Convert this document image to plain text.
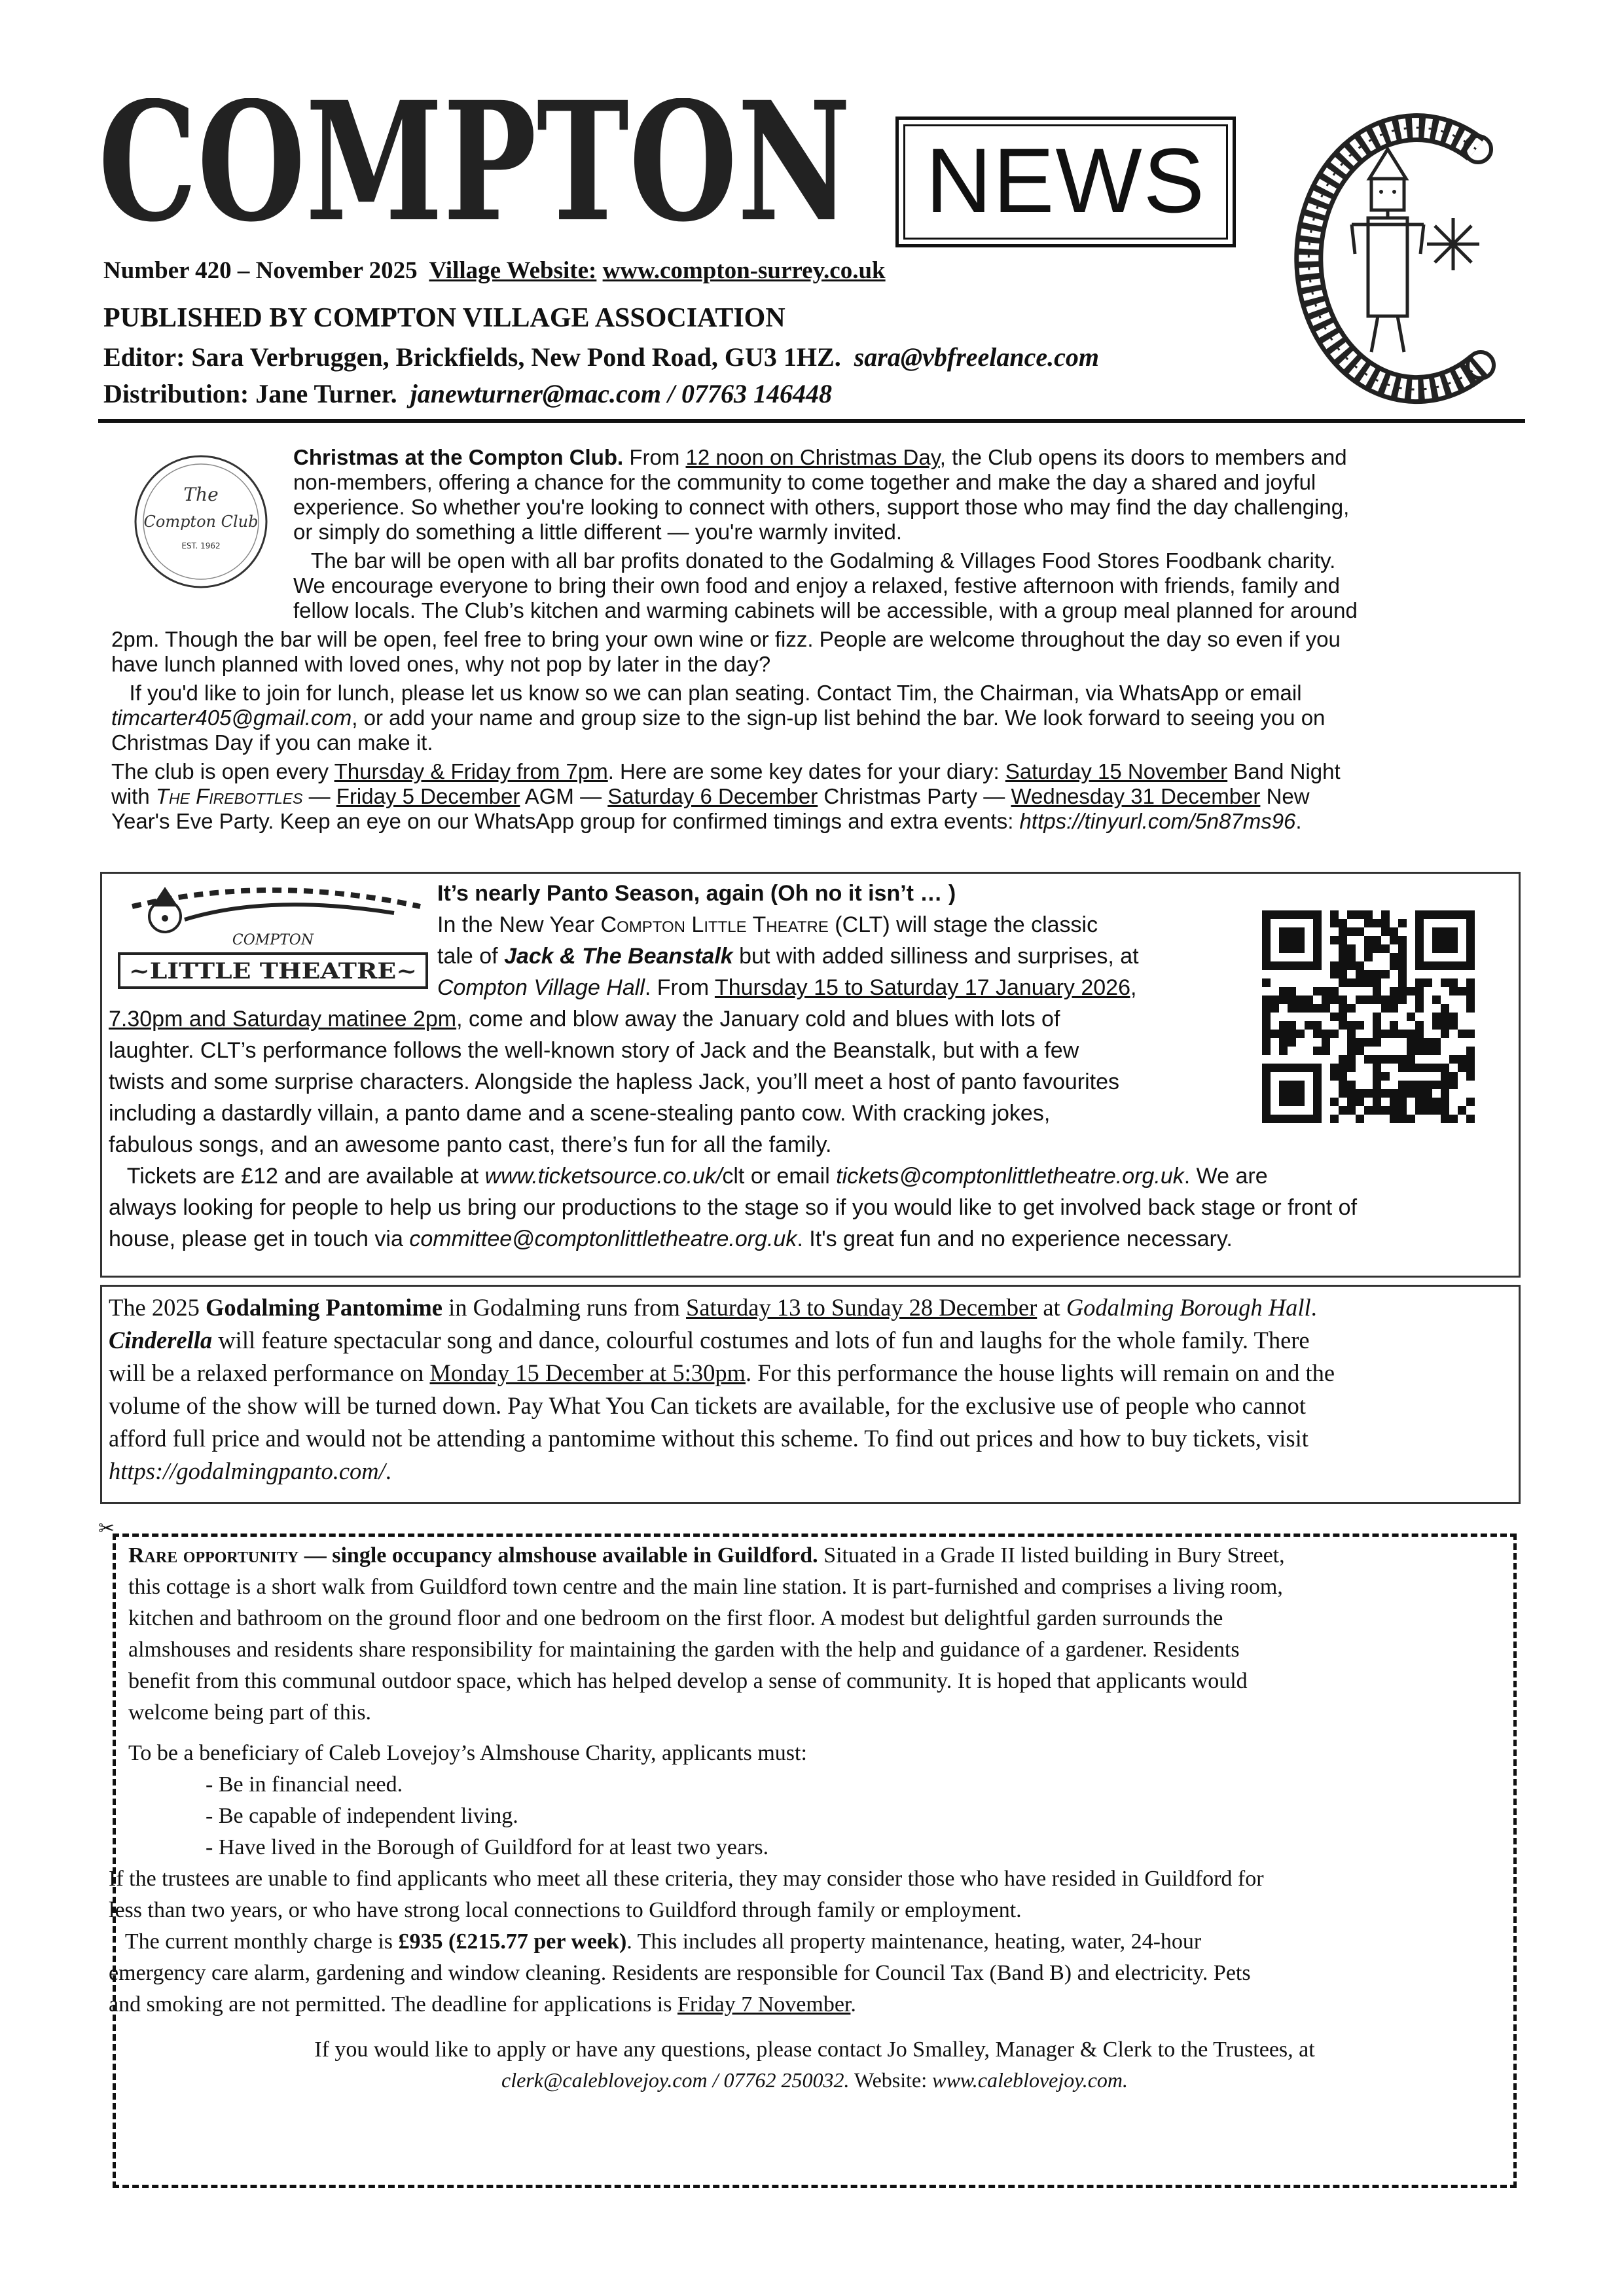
COMPTON NEWS
Number 420 – November 2025 Village Website: www.compton-surrey.co.uk
PUBLISHED BY COMPTON VILLAGE ASSOCIATION
Editor: Sara Verbruggen, Brickfields, New Pond Road, GU3 1HZ. sara@vbfreelance.com
Distribution: Jane Turner. janewturner@mac.com / 07763 146448
The
Compton Club
EST. 1962
Christmas at the Compton Club. From 12 noon on Christmas Day, the Club opens its doors to members and
non-members, offering a chance for the community to come together and make the day a shared and joyful
experience. So whether you're looking to connect with others, support those who may find the day challenging,
or simply do something a little different — you're warmly invited.
The bar will be open with all bar profits donated to the Godalming & Villages Food Stores Foodbank charity.
We encourage everyone to bring their own food and enjoy a relaxed, festive afternoon with friends, family and
fellow locals. The Club’s kitchen and warming cabinets will be accessible, with a group meal planned for around
2pm. Though the bar will be open, feel free to bring your own wine or fizz. People are welcome throughout the day so even if you
have lunch planned with loved ones, why not pop by later in the day?
If you'd like to join for lunch, please let us know so we can plan seating. Contact Tim, the Chairman, via WhatsApp or email
timcarter405@gmail.com, or add your name and group size to the sign-up list behind the bar. We look forward to seeing you on
Christmas Day if you can make it.
The club is open every Thursday & Friday from 7pm. Here are some key dates for your diary: Saturday 15 November Band Night
with The Firebottles — Friday 5 December AGM — Saturday 6 December Christmas Party — Wednesday 31 December New
Year's Eve Party. Keep an eye on our WhatsApp group for confirmed timings and extra events: https://tinyurl.com/5n87ms96.
COMPTON
~LITTLE THEATRE~
It’s nearly Panto Season, again (Oh no it isn’t … )
In the New Year Compton Little Theatre (CLT) will stage the classic
tale of Jack & The Beanstalk but with added silliness and surprises, at
Compton Village Hall. From Thursday 15 to Saturday 17 January 2026,
7.30pm and Saturday matinee 2pm, come and blow away the January cold and blues with lots of
laughter. CLT’s performance follows the well-known story of Jack and the Beanstalk, but with a few
twists and some surprise characters. Alongside the hapless Jack, you’ll meet a host of panto favourites
including a dastardly villain, a panto dame and a scene-stealing panto cow. With cracking jokes,
fabulous songs, and an awesome panto cast, there’s fun for all the family.
Tickets are £12 and are available at www.ticketsource.co.uk/clt or email tickets@comptonlittletheatre.org.uk. We are
always looking for people to help us bring our productions to the stage so if you would like to get involved back stage or front of
house, please get in touch via committee@comptonlittletheatre.org.uk. It's great fun and no experience necessary.
The 2025 Godalming Pantomime in Godalming runs from Saturday 13 to Sunday 28 December at Godalming Borough Hall.
Cinderella will feature spectacular song and dance, colourful costumes and lots of fun and laughs for the whole family. There
will be a relaxed performance on Monday 15 December at 5:30pm. For this performance the house lights will remain on and the
volume of the show will be turned down. Pay What You Can tickets are available, for the exclusive use of people who cannot
afford full price and would not be attending a pantomime without this scheme. To find out prices and how to buy tickets, visit
https://godalmingpanto.com/.
✂
Rare opportunity — single occupancy almshouse available in Guildford. Situated in a Grade II listed building in Bury Street,
this cottage is a short walk from Guildford town centre and the main line station. It is part-furnished and comprises a living room,
kitchen and bathroom on the ground floor and one bedroom on the first floor. A modest but delightful garden surrounds the
almshouses and residents share responsibility for maintaining the garden with the help and guidance of a gardener. Residents
benefit from this communal outdoor space, which has helped develop a sense of community. It is hoped that applicants would
welcome being part of this.
To be a beneficiary of Caleb Lovejoy’s Almshouse Charity, applicants must:
- Be in financial need.
- Be capable of independent living.
- Have lived in the Borough of Guildford for at least two years.
If the trustees are unable to find applicants who meet all these criteria, they may consider those who have resided in Guildford for
less than two years, or who have strong local connections to Guildford through family or employment.
The current monthly charge is £935 (£215.77 per week). This includes all property maintenance, heating, water, 24-hour
emergency care alarm, gardening and window cleaning. Residents are responsible for Council Tax (Band B) and electricity. Pets
and smoking are not permitted. The deadline for applications is Friday 7 November.
If you would like to apply or have any questions, please contact Jo Smalley, Manager & Clerk to the Trustees, at
clerk@caleblovejoy.com / 07762 250032. Website: www.caleblovejoy.com.
